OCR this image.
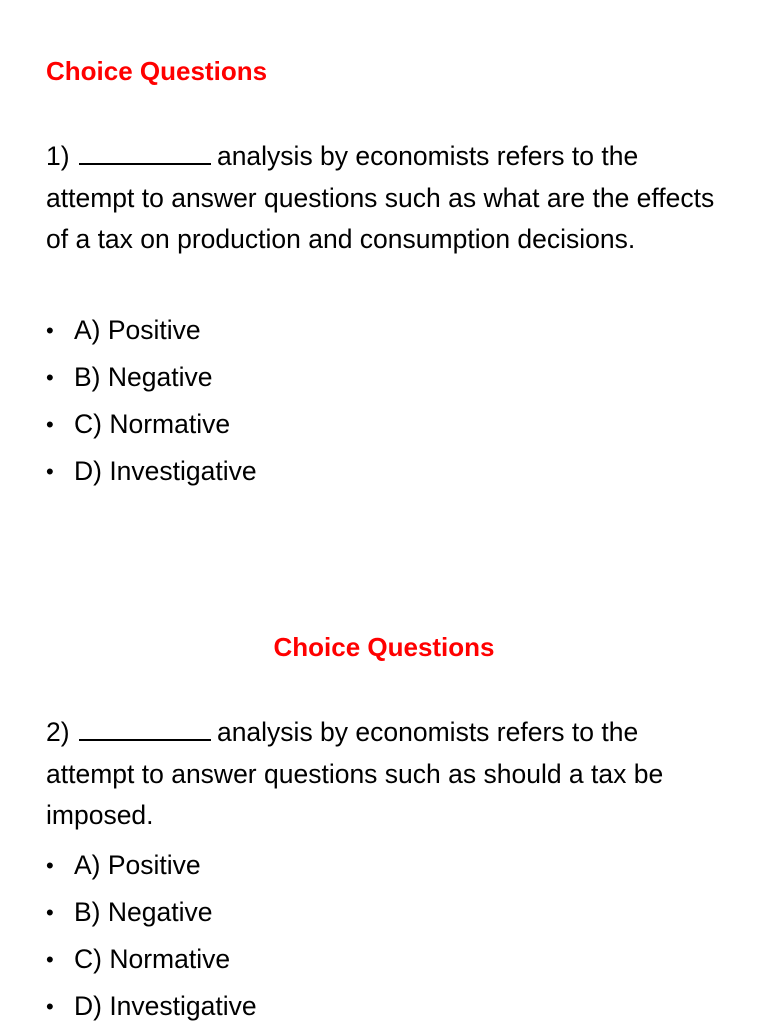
Choice Questions

1)	analysis by economists refers to the attempt to answer questions such as what are the effects of a tax on production and consumption decisions.

• A) Positive
• B) Negative
• C) Normative
• D) Investigative
Choice Questions

2)	analysis by economists refers to the attempt to answer questions such as should a tax be imposed.

• A) Positive
• B) Negative
• C) Normative
• D) Investigative
